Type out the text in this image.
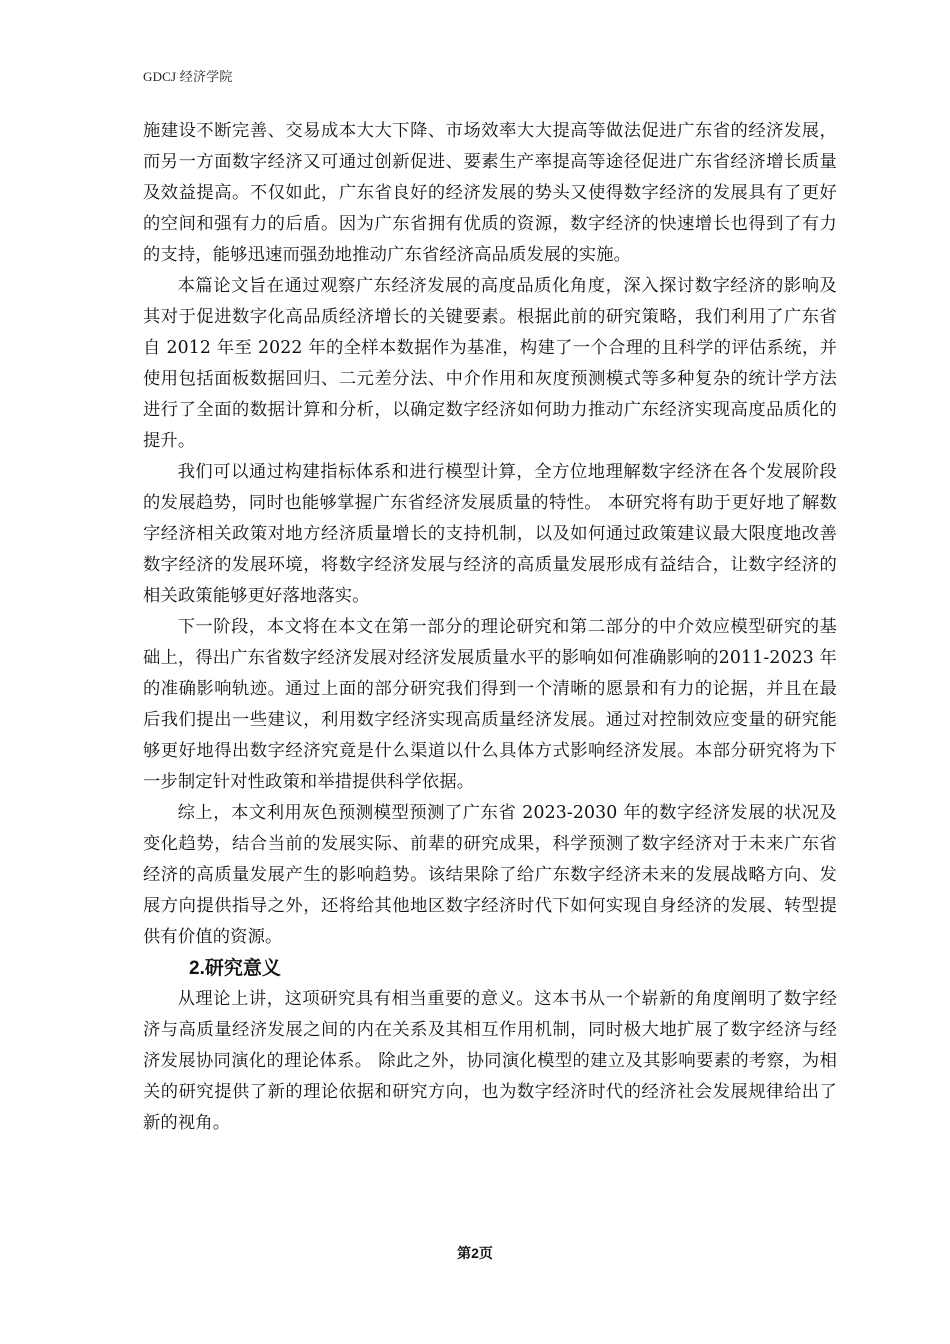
GDCJ 经济学院

施建设不断完善、交易成本大大下降、市场效率大大提高等做法促进广东省的经济发展，而另一方面数字经济又可通过创新促进、要素生产率提高等途径促进广东省经济增长质量及效益提高。不仅如此，广东省良好的经济发展的势头又使得数字经济的发展具有了更好的空间和强有力的后盾。因为广东省拥有优质的资源，数字经济的快速增长也得到了有力的支持，能够迅速而强劲地推动广东省经济高品质发展的实施。

本篇论文旨在通过观察广东经济发展的高度品质化角度，深入探讨数字经济的影响及其对于促进数字化高品质经济增长的关键要素。根据此前的研究策略，我们利用了广东省自 2012 年至 2022 年的全样本数据作为基准，构建了一个合理的且科学的评估系统，并使用包括面板数据回归、二元差分法、中介作用和灰度预测模式等多种复杂的统计学方法进行了全面的数据计算和分析，以确定数字经济如何助力推动广东经济实现高度品质化的提升。

我们可以通过构建指标体系和进行模型计算，全方位地理解数字经济在各个发展阶段的发展趋势，同时也能够掌握广东省经济发展质量的特性。 本研究将有助于更好地了解数字经济相关政策对地方经济质量增长的支持机制，以及如何通过政策建议最大限度地改善数字经济的发展环境，将数字经济发展与经济的高质量发展形成有益结合，让数字经济的相关政策能够更好落地落实。

下一阶段，本文将在本文在第一部分的理论研究和第二部分的中介效应模型研究的基础上，得出广东省数字经济发展对经济发展质量水平的影响如何准确影响的2011-2023 年的准确影响轨迹。通过上面的部分研究我们得到一个清晰的愿景和有力的论据，并且在最后我们提出一些建议，利用数字经济实现高质量经济发展。通过对控制效应变量的研究能够更好地得出数字经济究竟是什么渠道以什么具体方式影响经济发展。本部分研究将为下一步制定针对性政策和举措提供科学依据。

综上，本文利用灰色预测模型预测了广东省 2023-2030 年的数字经济发展的状况及变化趋势，结合当前的发展实际、前辈的研究成果，科学预测了数字经济对于未来广东省经济的高质量发展产生的影响趋势。该结果除了给广东数字经济未来的发展战略方向、发展方向提供指导之外，还将给其他地区数字经济时代下如何实现自身经济的发展、转型提供有价值的资源。

2.研究意义

从理论上讲，这项研究具有相当重要的意义。这本书从一个崭新的角度阐明了数字经济与高质量经济发展之间的内在关系及其相互作用机制，同时极大地扩展了数字经济与经济发展协同演化的理论体系。 除此之外，协同演化模型的建立及其影响要素的考察，为相关的研究提供了新的理论依据和研究方向，也为数字经济时代的经济社会发展规律给出了新的视角。

第2页
